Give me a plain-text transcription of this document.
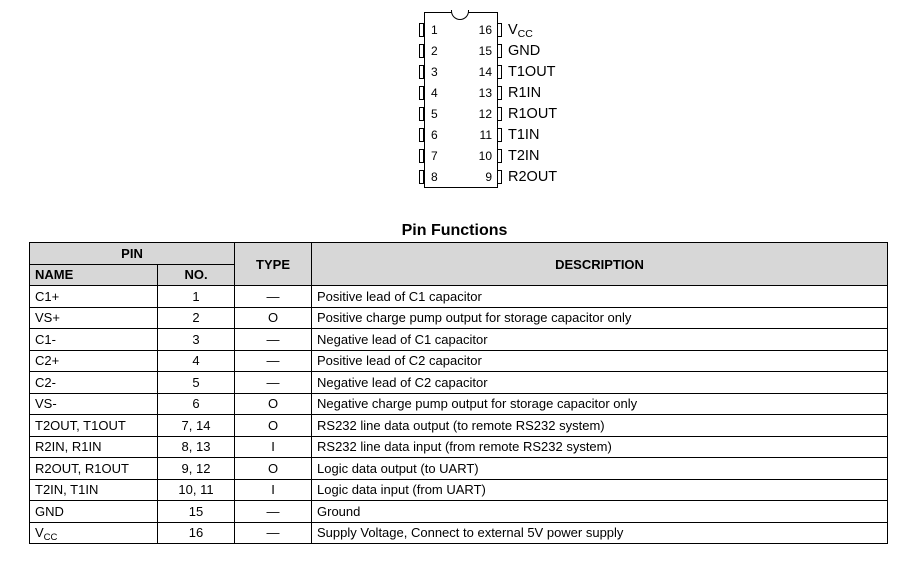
1
2
3
4
5
6
7
8
16 $V_{CC}$
15 GND
14 T1OUT
13 R1IN
12 R1OUT
11 T1IN
10 T2IN
9 R2OUT
Pin Functions
PIN		TYPE	DESCRIPTION
NAME	NO.		
C1+	1	—	Positive lead of C1 capacitor
VS+	2	O	Positive charge pump output for storage capacitor only
C1-	3	—	Negative lead of C1 capacitor
C2+	4	—	Positive lead of C2 capacitor
C2-	5	—	Negative lead of C2 capacitor
VS-	6	O	Negative charge pump output for storage capacitor only
T2OUT, T1OUT	7, 14	O	RS232 line data output (to remote RS232 system)
R2IN, R1IN	8, 13	I	RS232 line data input (from remote RS232 system)
R2OUT, R1OUT	9, 12	O	Logic data output (to UART)
T2IN, T1IN	10, 11	I	Logic data input (from UART)
GND	15	—	Ground
$V_{CC}$	16	—	Supply Voltage, Connect to external 5V power supply
